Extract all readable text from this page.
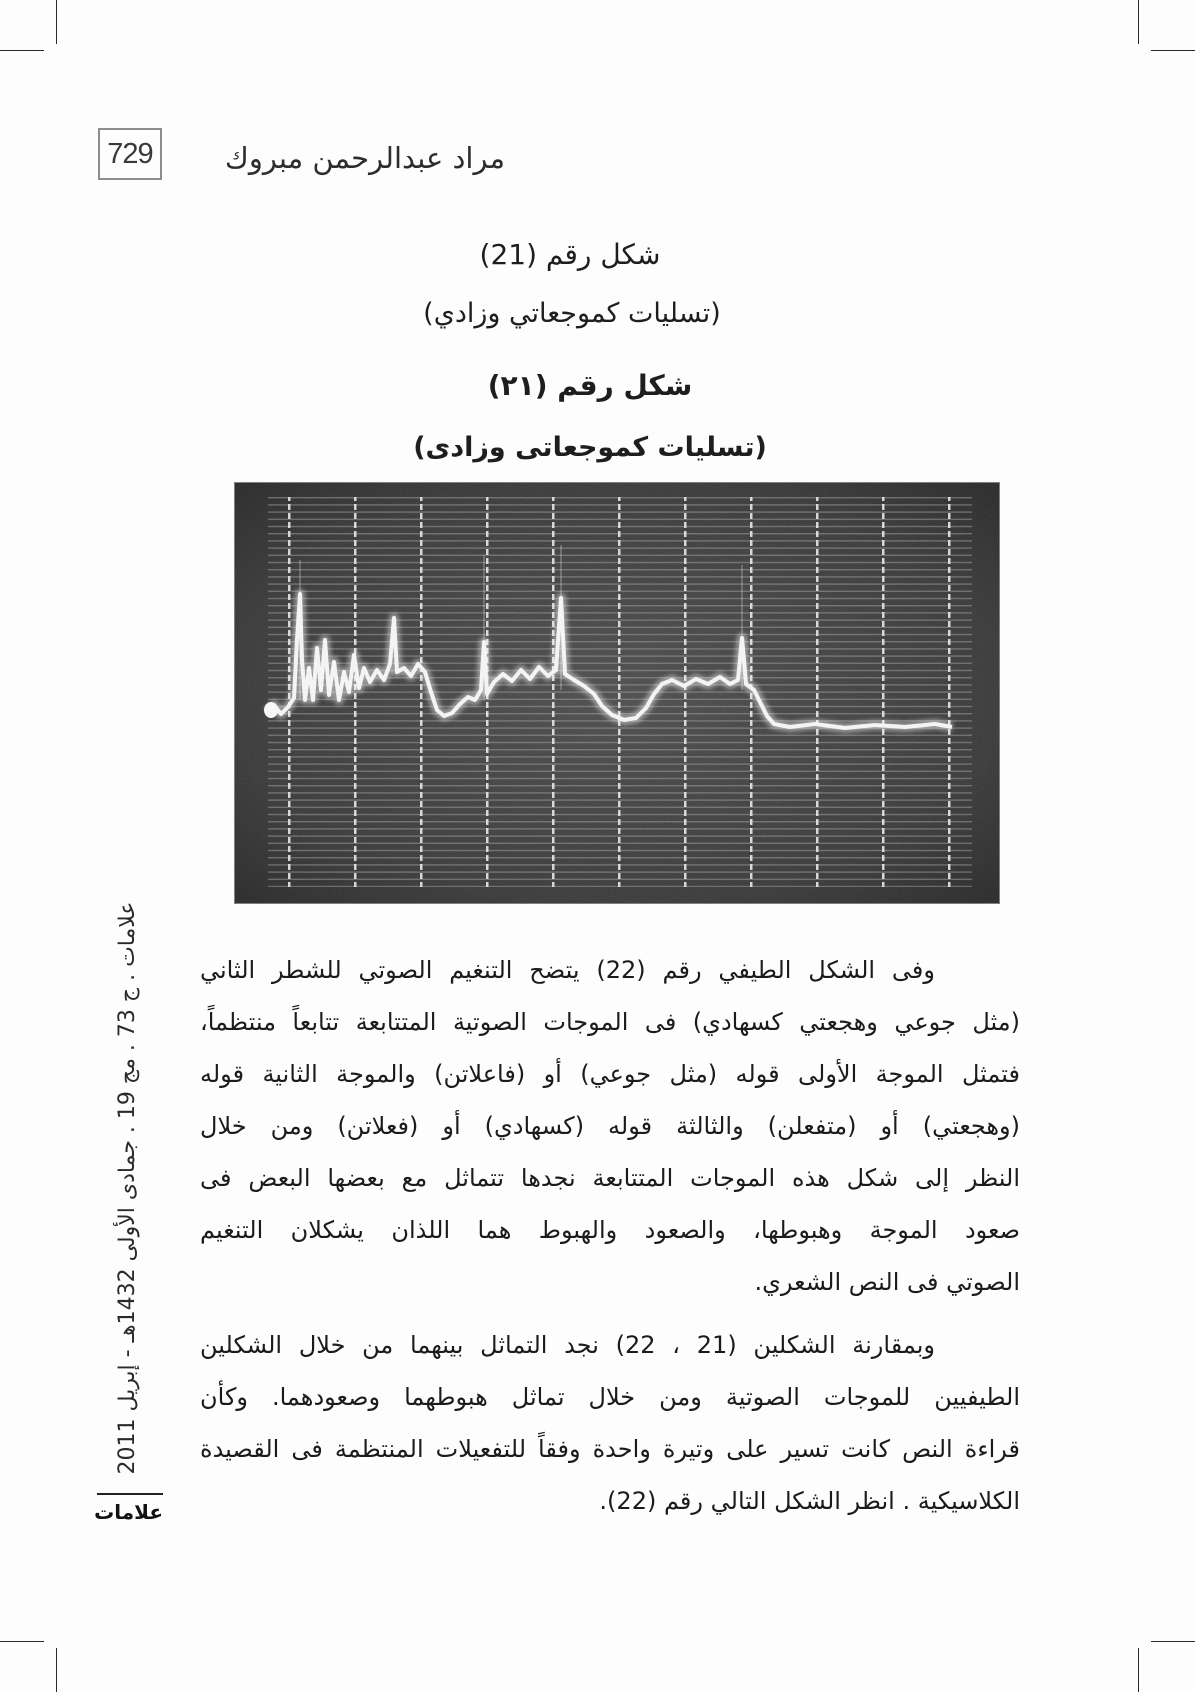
729	مراد عبدالرحمن مبروك
شكل رقم (21)
(تسليات كموجعاتي وزادي)
شكل رقم (٢١)
(تسليات كموجعاتى وزادى)

وفى الشكل الطيفي رقم (22) يتضح التنغيم الصوتي للشطر الثاني
(مثل جوعي وهجعتي كسهادي) فى الموجات الصوتية المتتابعة تتابعاً منتظماً،
فتمثل الموجة الأولى قوله (مثل جوعي) أو (فاعلاتن) والموجة الثانية قوله
(وهجعتي) أو (متفعلن) والثالثة قوله (كسهادي) أو (فعلاتن) ومن خلال
النظر إلى شكل هذه الموجات المتتابعة نجدها تتماثل مع بعضها البعض فى
صعود الموجة وهبوطها، والصعود والهبوط هما اللذان يشكلان التنغيم
الصوتي فى النص الشعري.

وبمقارنة الشكلين (21 ، 22) نجد التماثل بينهما من خلال الشكلين
الطيفيين للموجات الصوتية ومن خلال تماثل هبوطهما وصعودهما. وكأن
قراءة النص كانت تسير على وتيرة واحدة وفقاً للتفعيلات المنتظمة فى القصيدة
الكلاسيكية . انظر الشكل التالي رقم (22).

علامات . ج 73 . مج 19 . جمادى الأولى 1432هـ - إبريل 2011
علامات
